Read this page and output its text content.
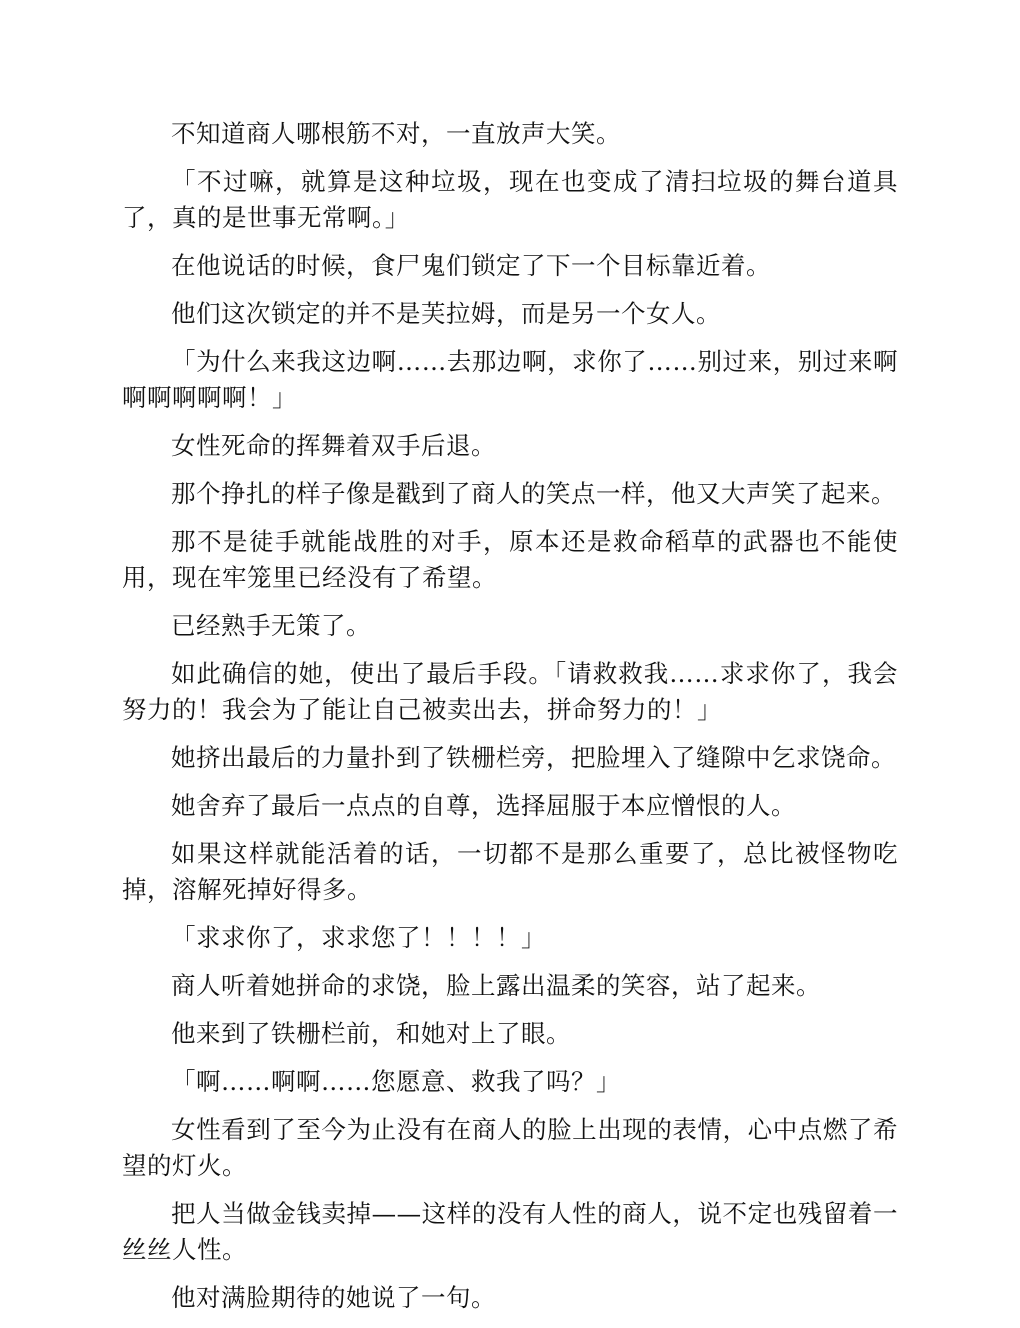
不知道商人哪根筋不对，一直放声大笑。

「不过嘛，就算是这种垃圾，现在也变成了清扫垃圾的舞台道具了，真的是世事无常啊。」

在他说话的时候，食尸鬼们锁定了下一个目标靠近着。

他们这次锁定的并不是芙拉姆，而是另一个女人。

「为什么来我这边啊……去那边啊，求你了……别过来，别过来啊啊啊啊啊啊！」

女性死命的挥舞着双手后退。

那个挣扎的样子像是戳到了商人的笑点一样，他又大声笑了起来。

那不是徒手就能战胜的对手，原本还是救命稻草的武器也不能使用，现在牢笼里已经没有了希望。

已经熟手无策了。

如此确信的她，使出了最后手段。「请救救我……求求你了，我会努力的！我会为了能让自己被卖出去，拼命努力的！」

她挤出最后的力量扑到了铁栅栏旁，把脸埋入了缝隙中乞求饶命。

她舍弃了最后一点点的自尊，选择屈服于本应憎恨的人。

如果这样就能活着的话，一切都不是那么重要了，总比被怪物吃掉，溶解死掉好得多。

「求求你了，求求您了！！！！」

商人听着她拼命的求饶，脸上露出温柔的笑容，站了起来。

他来到了铁栅栏前，和她对上了眼。

「啊……啊啊……您愿意、救我了吗？」

女性看到了至今为止没有在商人的脸上出现的表情，心中点燃了希望的灯火。

把人当做金钱卖掉——这样的没有人性的商人，说不定也残留着一丝丝人性。

他对满脸期待的她说了一句。
